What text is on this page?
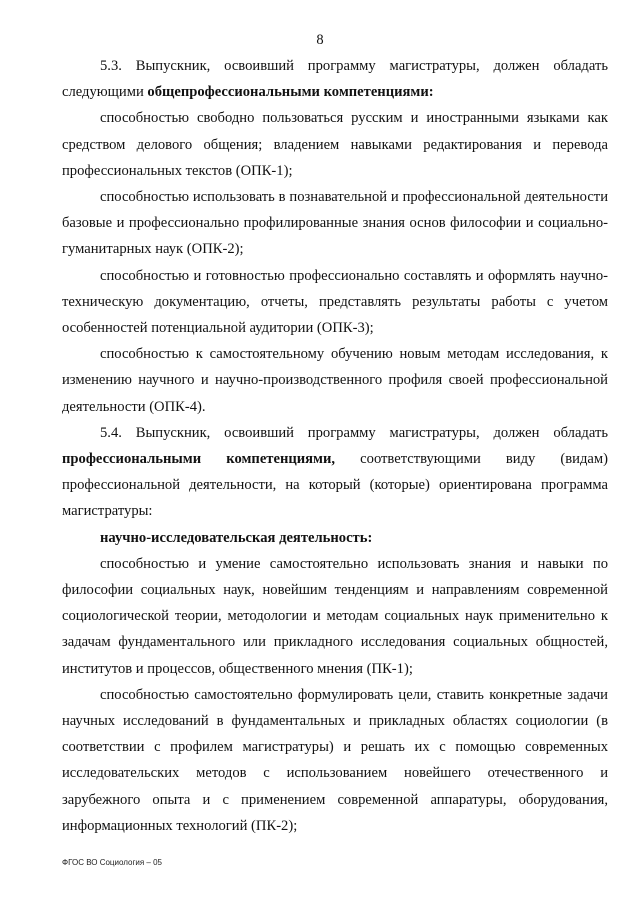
8

5.3. Выпускник, освоивший программу магистратуры, должен обладать следующими общепрофессиональными компетенциями:

способностью свободно пользоваться русским и иностранными языками как средством делового общения; владением навыками редактирования и перевода профессиональных текстов (ОПК-1);

способностью использовать в познавательной и профессиональной деятельности базовые и профессионально профилированные знания основ философии и социально-гуманитарных наук (ОПК-2);

способностью и готовностью профессионально составлять и оформлять научно-техническую документацию, отчеты, представлять результаты работы с учетом особенностей потенциальной аудитории (ОПК-3);

способностью к самостоятельному обучению новым методам исследования, к изменению научного и научно-производственного профиля своей профессиональной деятельности (ОПК-4).

5.4. Выпускник, освоивший программу магистратуры, должен обладать профессиональными компетенциями, соответствующими виду (видам) профессиональной деятельности, на который (которые) ориентирована программа магистратуры:

научно-исследовательская деятельность:

способностью и умение самостоятельно использовать знания и навыки по философии социальных наук, новейшим тенденциям и направлениям современной социологической теории, методологии и методам социальных наук применительно к задачам фундаментального или прикладного исследования социальных общностей, институтов и процессов, общественного мнения (ПК-1);

способностью самостоятельно формулировать цели, ставить конкретные задачи научных исследований в фундаментальных и прикладных областях социологии (в соответствии с профилем магистратуры) и решать их с помощью современных исследовательских методов с использованием новейшего отечественного и зарубежного опыта и с применением современной аппаратуры, оборудования, информационных технологий (ПК-2);

ФГОС ВО Социология – 05
